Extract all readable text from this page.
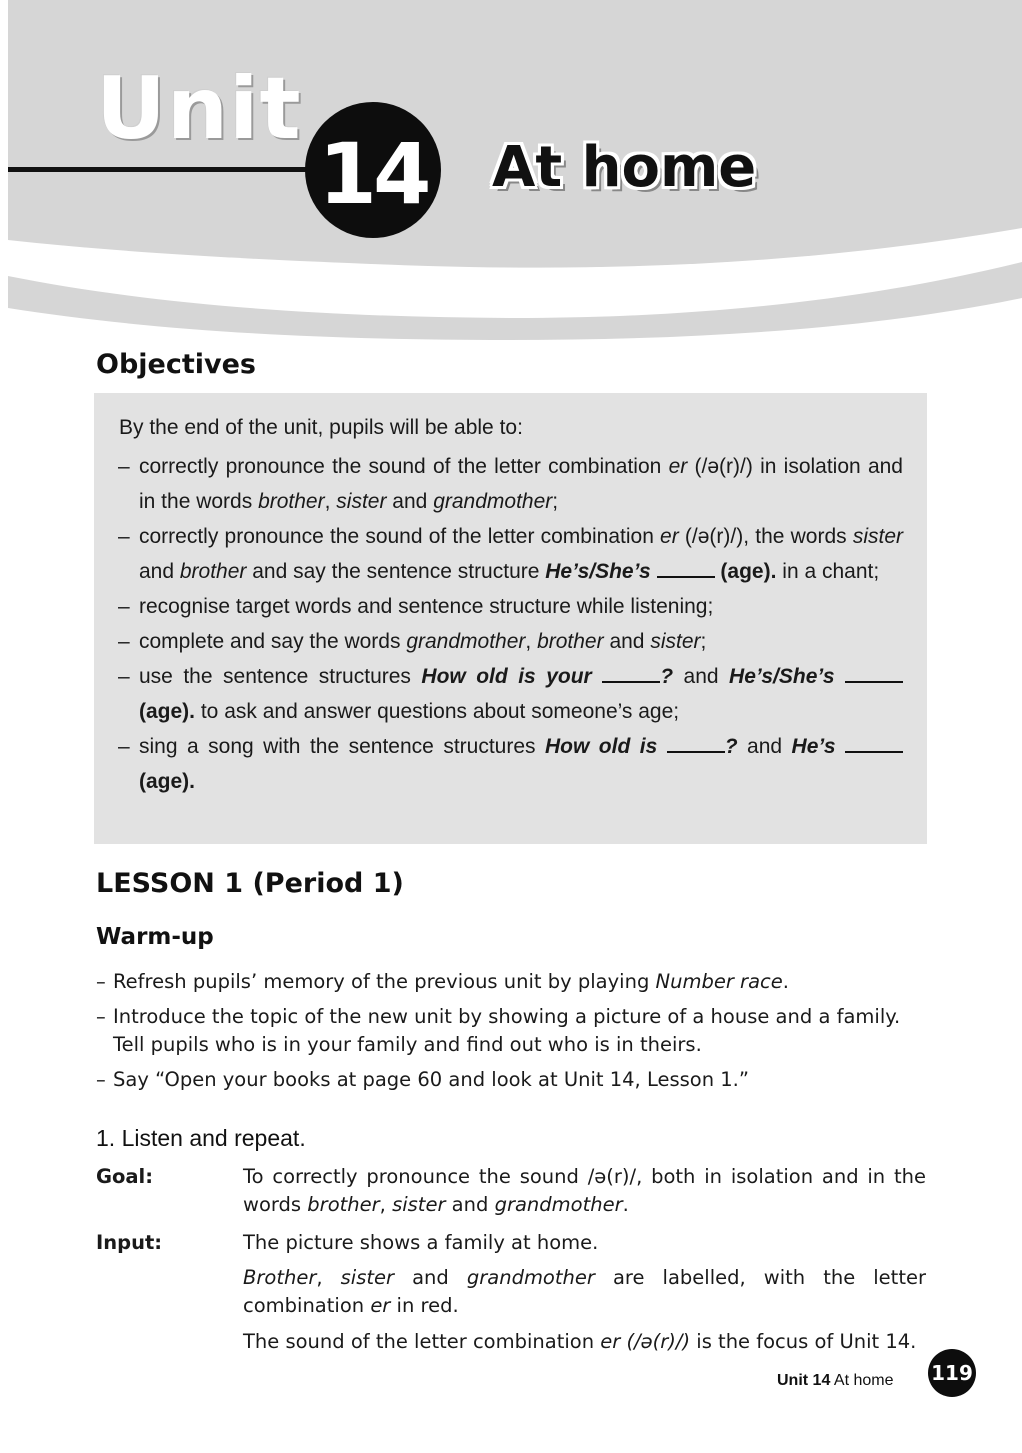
Unit
14 At home
Objectives
By the end of the unit, pupils will be able to:
– correctly pronounce the sound of the letter combination er (/ə(r)/) in isolation and in the words brother, sister and grandmother;
– correctly pronounce the sound of the letter combination er (/ə(r)/), the words sister and brother and say the sentence structure He’s/She’s	(age). in a chant;
– recognise target words and sentence structure while listening;
– complete and say the words grandmother, brother and sister;
– use the sentence structures How old is your	? and He’s/She’s  (age). to ask and answer questions about someone’s age;
– sing a song with the sentence structures How old is	? and He’s  (age).
LESSON 1 (Period 1)
Warm-up
– Refresh pupils’ memory of the previous unit by playing Number race.
– Introduce the topic of the new unit by showing a picture of a house and a family. Tell pupils who is in your family and find out who is in theirs.
– Say “Open your books at page 60 and look at Unit 14, Lesson 1.”
1. Listen and repeat.
Goal:	To correctly pronounce the sound /ə(r)/, both in isolation and in the words brother, sister and grandmother.
Input:	The picture shows a family at home.
Brother, sister and grandmother are labelled, with the letter combination er in red.
The sound of the letter combination er (/ə(r)/) is the focus of Unit 14.
Unit 14 At home 119
